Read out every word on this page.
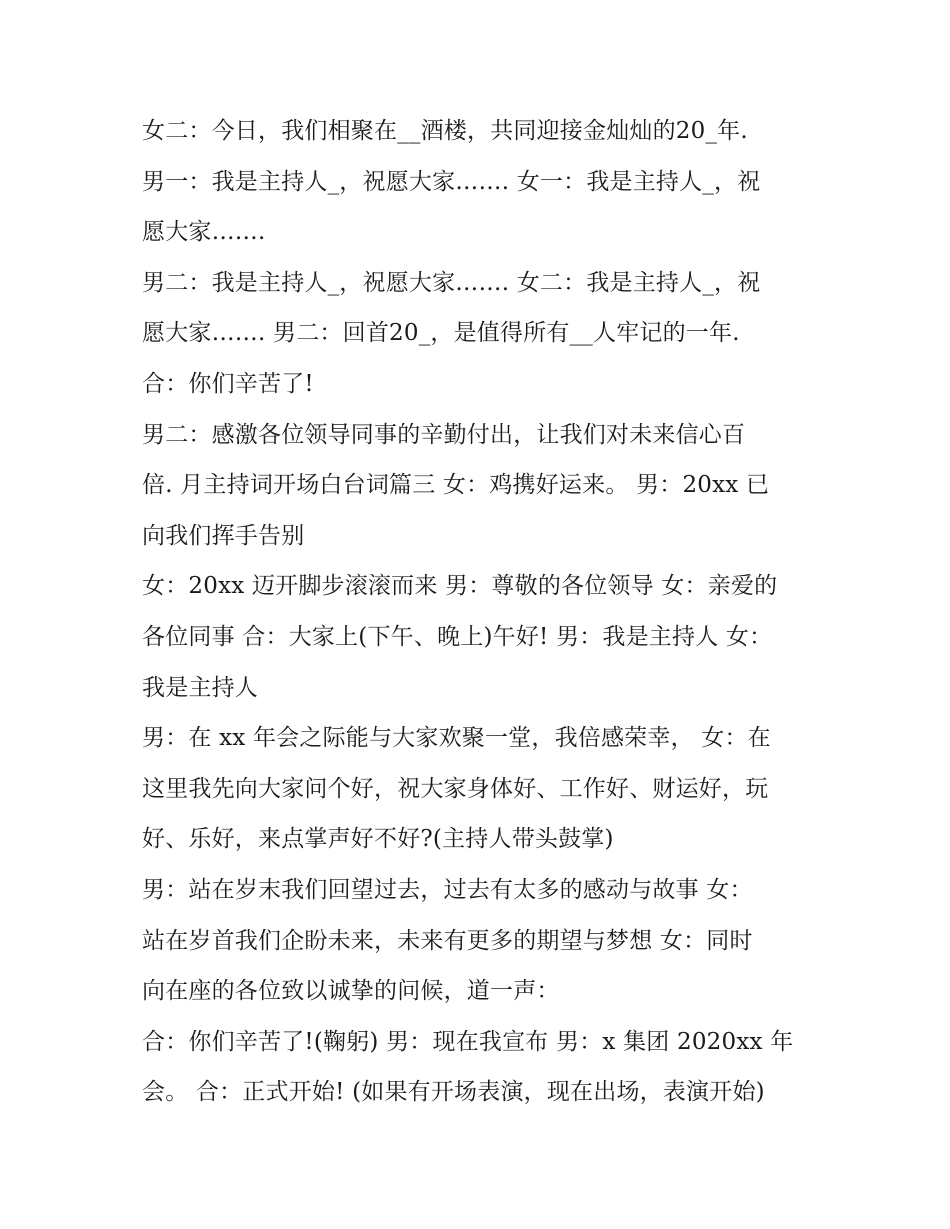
女二：今日，我们相聚在__酒楼，共同迎接金灿灿的20_年.
男一：我是主持人_，祝愿大家……. 女一：我是主持人_，祝
愿大家…….
男二：我是主持人_，祝愿大家……. 女二：我是主持人_，祝
愿大家……. 男二：回首20_，是值得所有__人牢记的一年.
合：你们辛苦了!
男二：感激各位领导同事的辛勤付出，让我们对未来信心百
倍. 月主持词开场白台词篇三 女：鸡携好运来。 男：20xx 已
向我们挥手告别
女：20xx 迈开脚步滚滚而来 男：尊敬的各位领导 女：亲爱的
各位同事 合：大家上(下午、晚上)午好! 男：我是主持人 女：
我是主持人
男：在 xx 年会之际能与大家欢聚一堂，我倍感荣幸， 女：在
这里我先向大家问个好，祝大家身体好、工作好、财运好，玩
好、乐好，来点掌声好不好?(主持人带头鼓掌)
男：站在岁末我们回望过去，过去有太多的感动与故事 女：
站在岁首我们企盼未来，未来有更多的期望与梦想 女：同时
向在座的各位致以诚挚的问候，道一声：
合：你们辛苦了!(鞠躬) 男：现在我宣布 男：x 集团 2020xx 年
会。 合：正式开始! (如果有开场表演，现在出场，表演开始)
